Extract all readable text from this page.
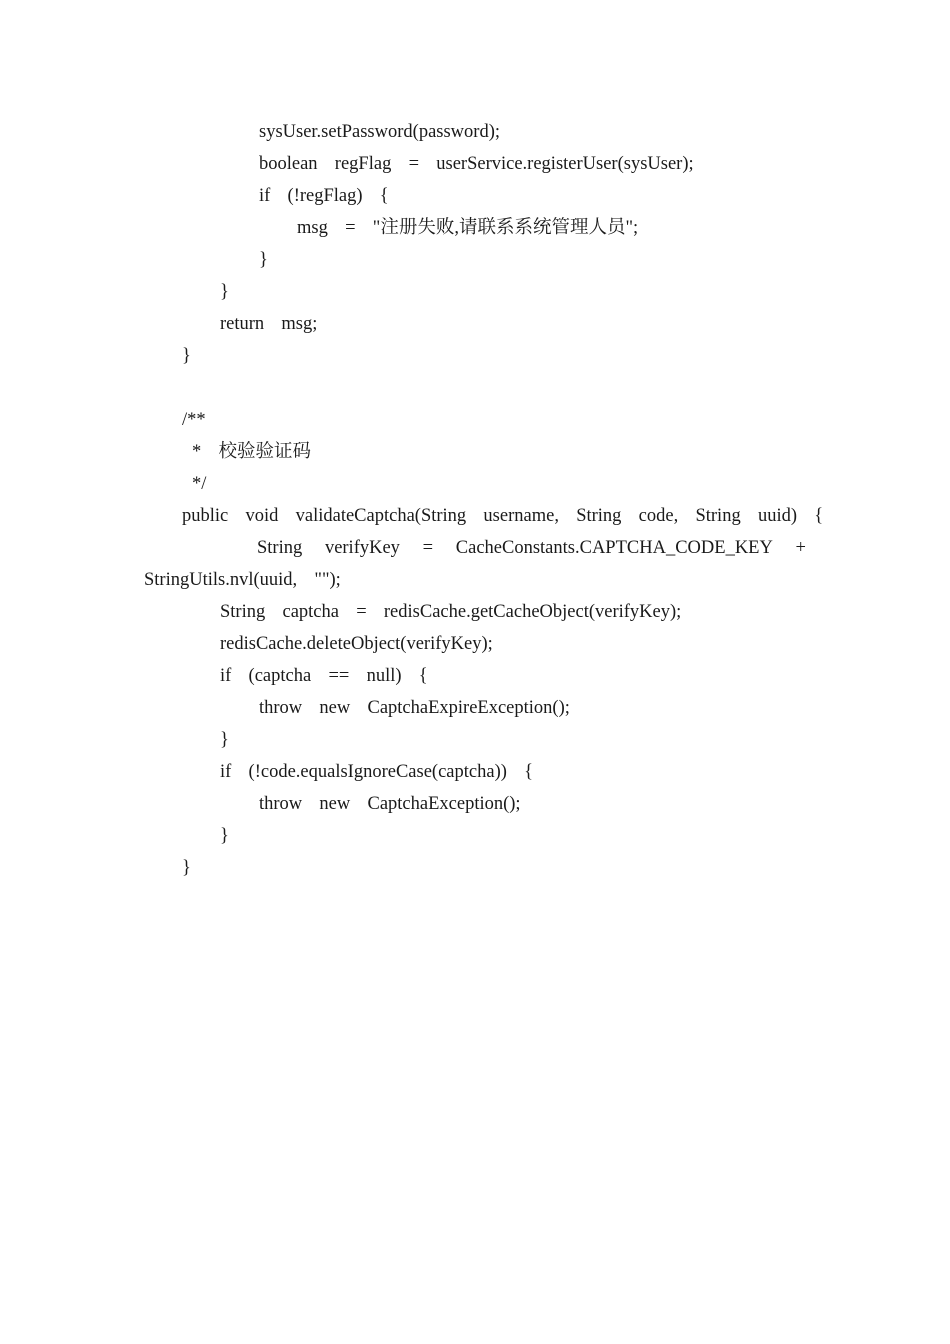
sysUser.setPassword(password);
boolean  regFlag  =  userService.registerUser(sysUser);
if  (!regFlag)  {
msg  =  "注册失败,请联系系统管理人员";
}
}
return  msg;
}
/**
*  校验验证码
*/
public  void  validateCaptcha(String  username,  String  code,  String  uuid)  {
String verifyKey = CacheConstants.CAPTCHA_CODE_KEY +
StringUtils.nvl(uuid,  "");
String  captcha  =  redisCache.getCacheObject(verifyKey);
redisCache.deleteObject(verifyKey);
if  (captcha  ==  null)  {
throw  new  CaptchaExpireException();
}
if  (!code.equalsIgnoreCase(captcha))  {
throw  new  CaptchaException();
}
}
